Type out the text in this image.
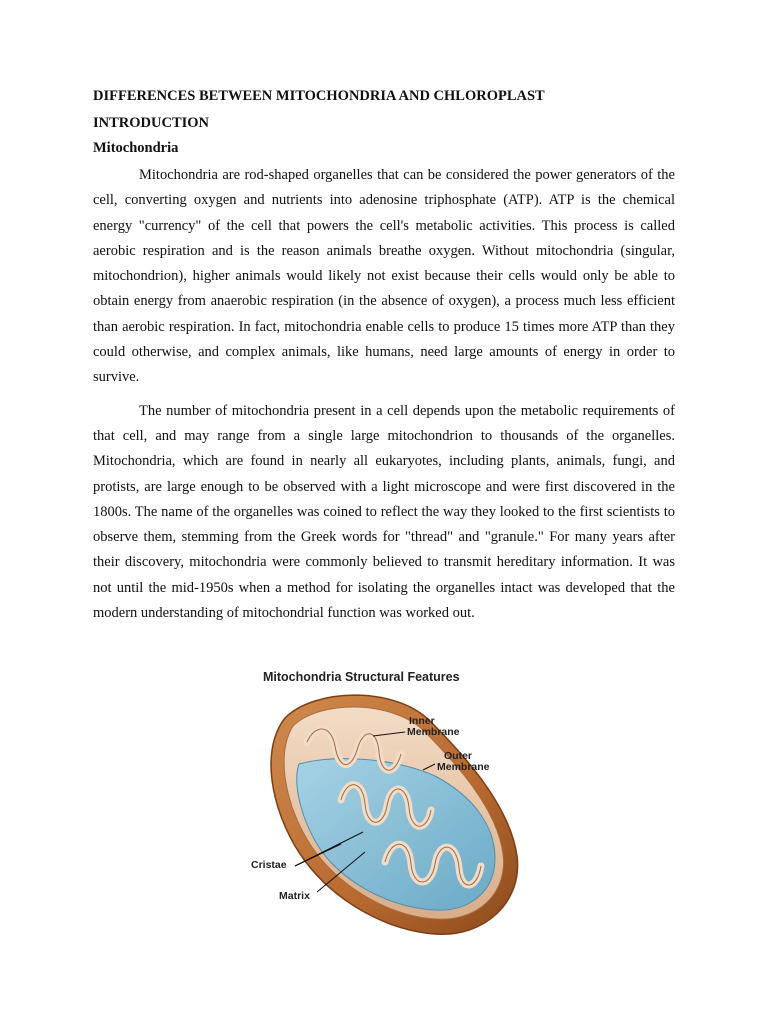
DIFFERENCES BETWEEN MITOCHONDRIA AND CHLOROPLAST
INTRODUCTION
Mitochondria

Mitochondria are rod-shaped organelles that can be considered the power generators of the cell, converting oxygen and nutrients into adenosine triphosphate (ATP). ATP is the chemical energy "currency" of the cell that powers the cell's metabolic activities. This process is called aerobic respiration and is the reason animals breathe oxygen. Without mitochondria (singular, mitochondrion), higher animals would likely not exist because their cells would only be able to obtain energy from anaerobic respiration (in the absence of oxygen), a process much less efficient than aerobic respiration. In fact, mitochondria enable cells to produce 15 times more ATP than they could otherwise, and complex animals, like humans, need large amounts of energy in order to survive.

The number of mitochondria present in a cell depends upon the metabolic requirements of that cell, and may range from a single large mitochondrion to thousands of the organelles. Mitochondria, which are found in nearly all eukaryotes, including plants, animals, fungi, and protists, are large enough to be observed with a light microscope and were first discovered in the 1800s. The name of the organelles was coined to reflect the way they looked to the first scientists to observe them, stemming from the Greek words for "thread" and "granule." For many years after their discovery, mitochondria were commonly believed to transmit hereditary information. It was not until the mid-1950s when a method for isolating the organelles intact was developed that the modern understanding of mitochondrial function was worked out.

Mitochondria Structural Features
Inner
Membrane
Outer
Membrane
Cristae
Matrix
